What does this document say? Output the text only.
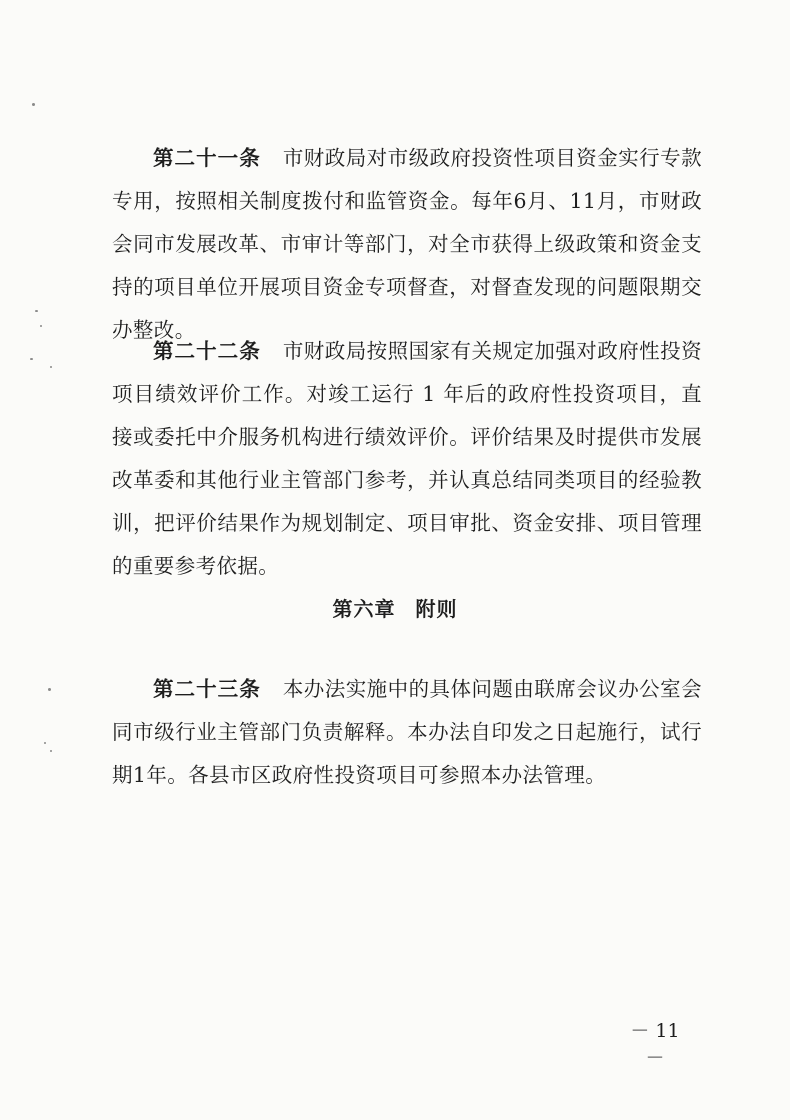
第二十一条 市财政局对市级政府投资性项目资金实行专款专用，按照相关制度拨付和监管资金。每年6月、11月，市财政会同市发展改革、市审计等部门，对全市获得上级政策和资金支持的项目单位开展项目资金专项督查，对督查发现的问题限期交办整改。

第二十二条 市财政局按照国家有关规定加强对政府性投资项目绩效评价工作。对竣工运行 1 年后的政府性投资项目，直接或委托中介服务机构进行绩效评价。评价结果及时提供市发展改革委和其他行业主管部门参考，并认真总结同类项目的经验教训，把评价结果作为规划制定、项目审批、资金安排、项目管理的重要参考依据。

第六章 附则

第二十三条 本办法实施中的具体问题由联席会议办公室会同市级行业主管部门负责解释。本办法自印发之日起施行，试行期1年。各县市区政府性投资项目可参照本办法管理。

－ 11 －
